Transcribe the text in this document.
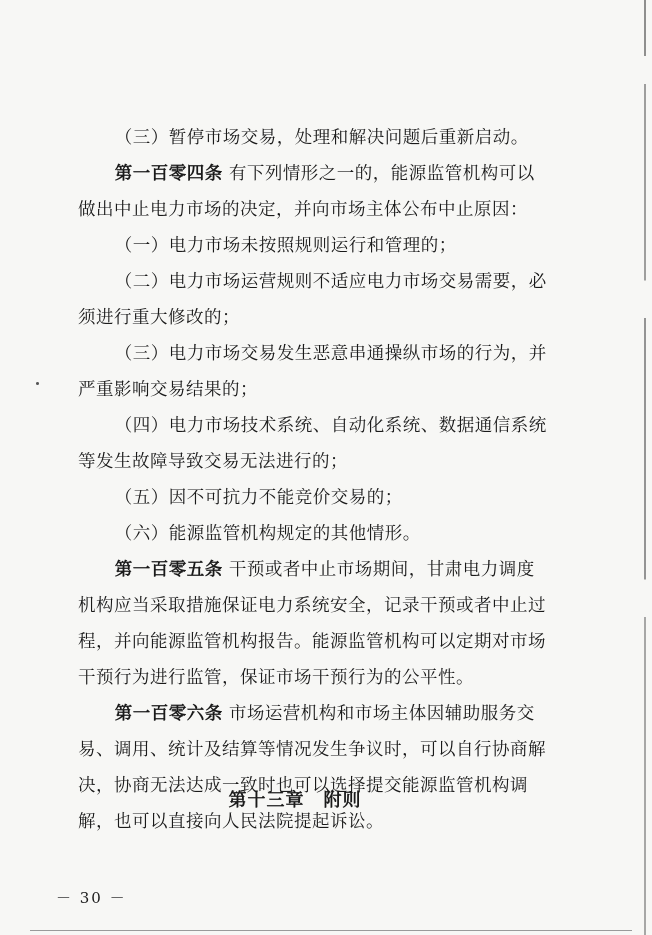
（三）暂停市场交易，处理和解决问题后重新启动。

第一百零四条 有下列情形之一的，能源监管机构可以做出中止电力市场的决定，并向市场主体公布中止原因：

（一）电力市场未按照规则运行和管理的；

（二）电力市场运营规则不适应电力市场交易需要，必须进行重大修改的；

（三）电力市场交易发生恶意串通操纵市场的行为，并严重影响交易结果的；

（四）电力市场技术系统、自动化系统、数据通信系统等发生故障导致交易无法进行的；

（五）因不可抗力不能竞价交易的；

（六）能源监管机构规定的其他情形。

第一百零五条 干预或者中止市场期间，甘肃电力调度机构应当采取措施保证电力系统安全，记录干预或者中止过程，并向能源监管机构报告。能源监管机构可以定期对市场干预行为进行监管，保证市场干预行为的公平性。

第一百零六条 市场运营机构和市场主体因辅助服务交易、调用、统计及结算等情况发生争议时，可以自行协商解决，协商无法达成一致时也可以选择提交能源监管机构调解，也可以直接向人民法院提起诉讼。

第十三章　附则
－ 30 －
